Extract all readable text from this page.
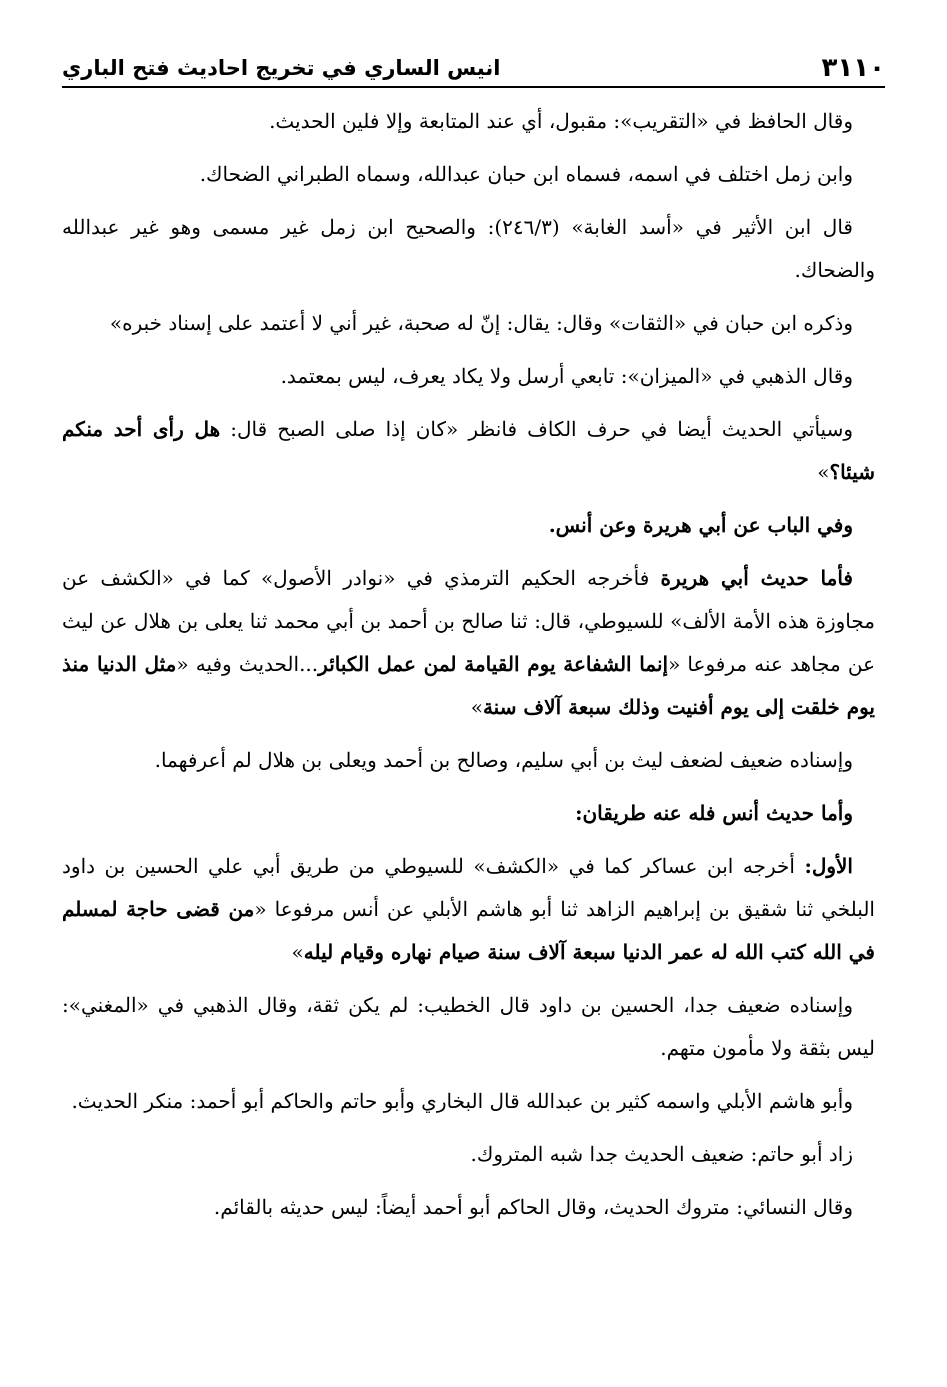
٣١١٠
انيس الساري في تخريج احاديث فتح الباري

وقال الحافظ في «التقريب»: مقبول، أي عند المتابعة وإلا فلين الحديث.

وابن زمل اختلف في اسمه، فسماه ابن حبان عبدالله، وسماه الطبراني الضحاك.

قال ابن الأثير في «أسد الغابة» (٢٤٦/٣): والصحيح ابن زمل غير مسمى وهو غير عبدالله والضحاك.

وذكره ابن حبان في «الثقات» وقال: يقال: إنّ له صحبة، غير أني لا أعتمد على إسناد خبره»

وقال الذهبي في «الميزان»: تابعي أرسل ولا يكاد يعرف، ليس بمعتمد.

وسيأتي الحديث أيضا في حرف الكاف فانظر «كان إذا صلى الصبح قال: هل رأى أحد منكم شيئا؟»

وفي الباب عن أبي هريرة وعن أنس.

فأما حديث أبي هريرة فأخرجه الحكيم الترمذي في «نوادر الأصول» كما في «الكشف عن مجاوزة هذه الأمة الألف» للسيوطي، قال: ثنا صالح بن أحمد بن أبي محمد ثنا يعلى بن هلال عن ليث عن مجاهد عنه مرفوعا «إنما الشفاعة يوم القيامة لمن عمل الكبائر...الحديث وفيه «مثل الدنيا منذ يوم خلقت إلى يوم أفنيت وذلك سبعة آلاف سنة»

وإسناده ضعيف لضعف ليث بن أبي سليم، وصالح بن أحمد ويعلى بن هلال لم أعرفهما.

وأما حديث أنس فله عنه طريقان:

الأول: أخرجه ابن عساكر كما في «الكشف» للسيوطي من طريق أبي علي الحسين بن داود البلخي ثنا شقيق بن إبراهيم الزاهد ثنا أبو هاشم الأبلي عن أنس مرفوعا «من قضى حاجة لمسلم في الله كتب الله له عمر الدنيا سبعة آلاف سنة صيام نهاره وقيام ليله»

وإسناده ضعيف جدا، الحسين بن داود قال الخطيب: لم يكن ثقة، وقال الذهبي في «المغني»: ليس بثقة ولا مأمون متهم.

وأبو هاشم الأبلي واسمه كثير بن عبدالله قال البخاري وأبو حاتم والحاكم أبو أحمد: منكر الحديث.

زاد أبو حاتم: ضعيف الحديث جدا شبه المتروك.

وقال النسائي: متروك الحديث، وقال الحاكم أبو أحمد أيضاً: ليس حديثه بالقائم.
